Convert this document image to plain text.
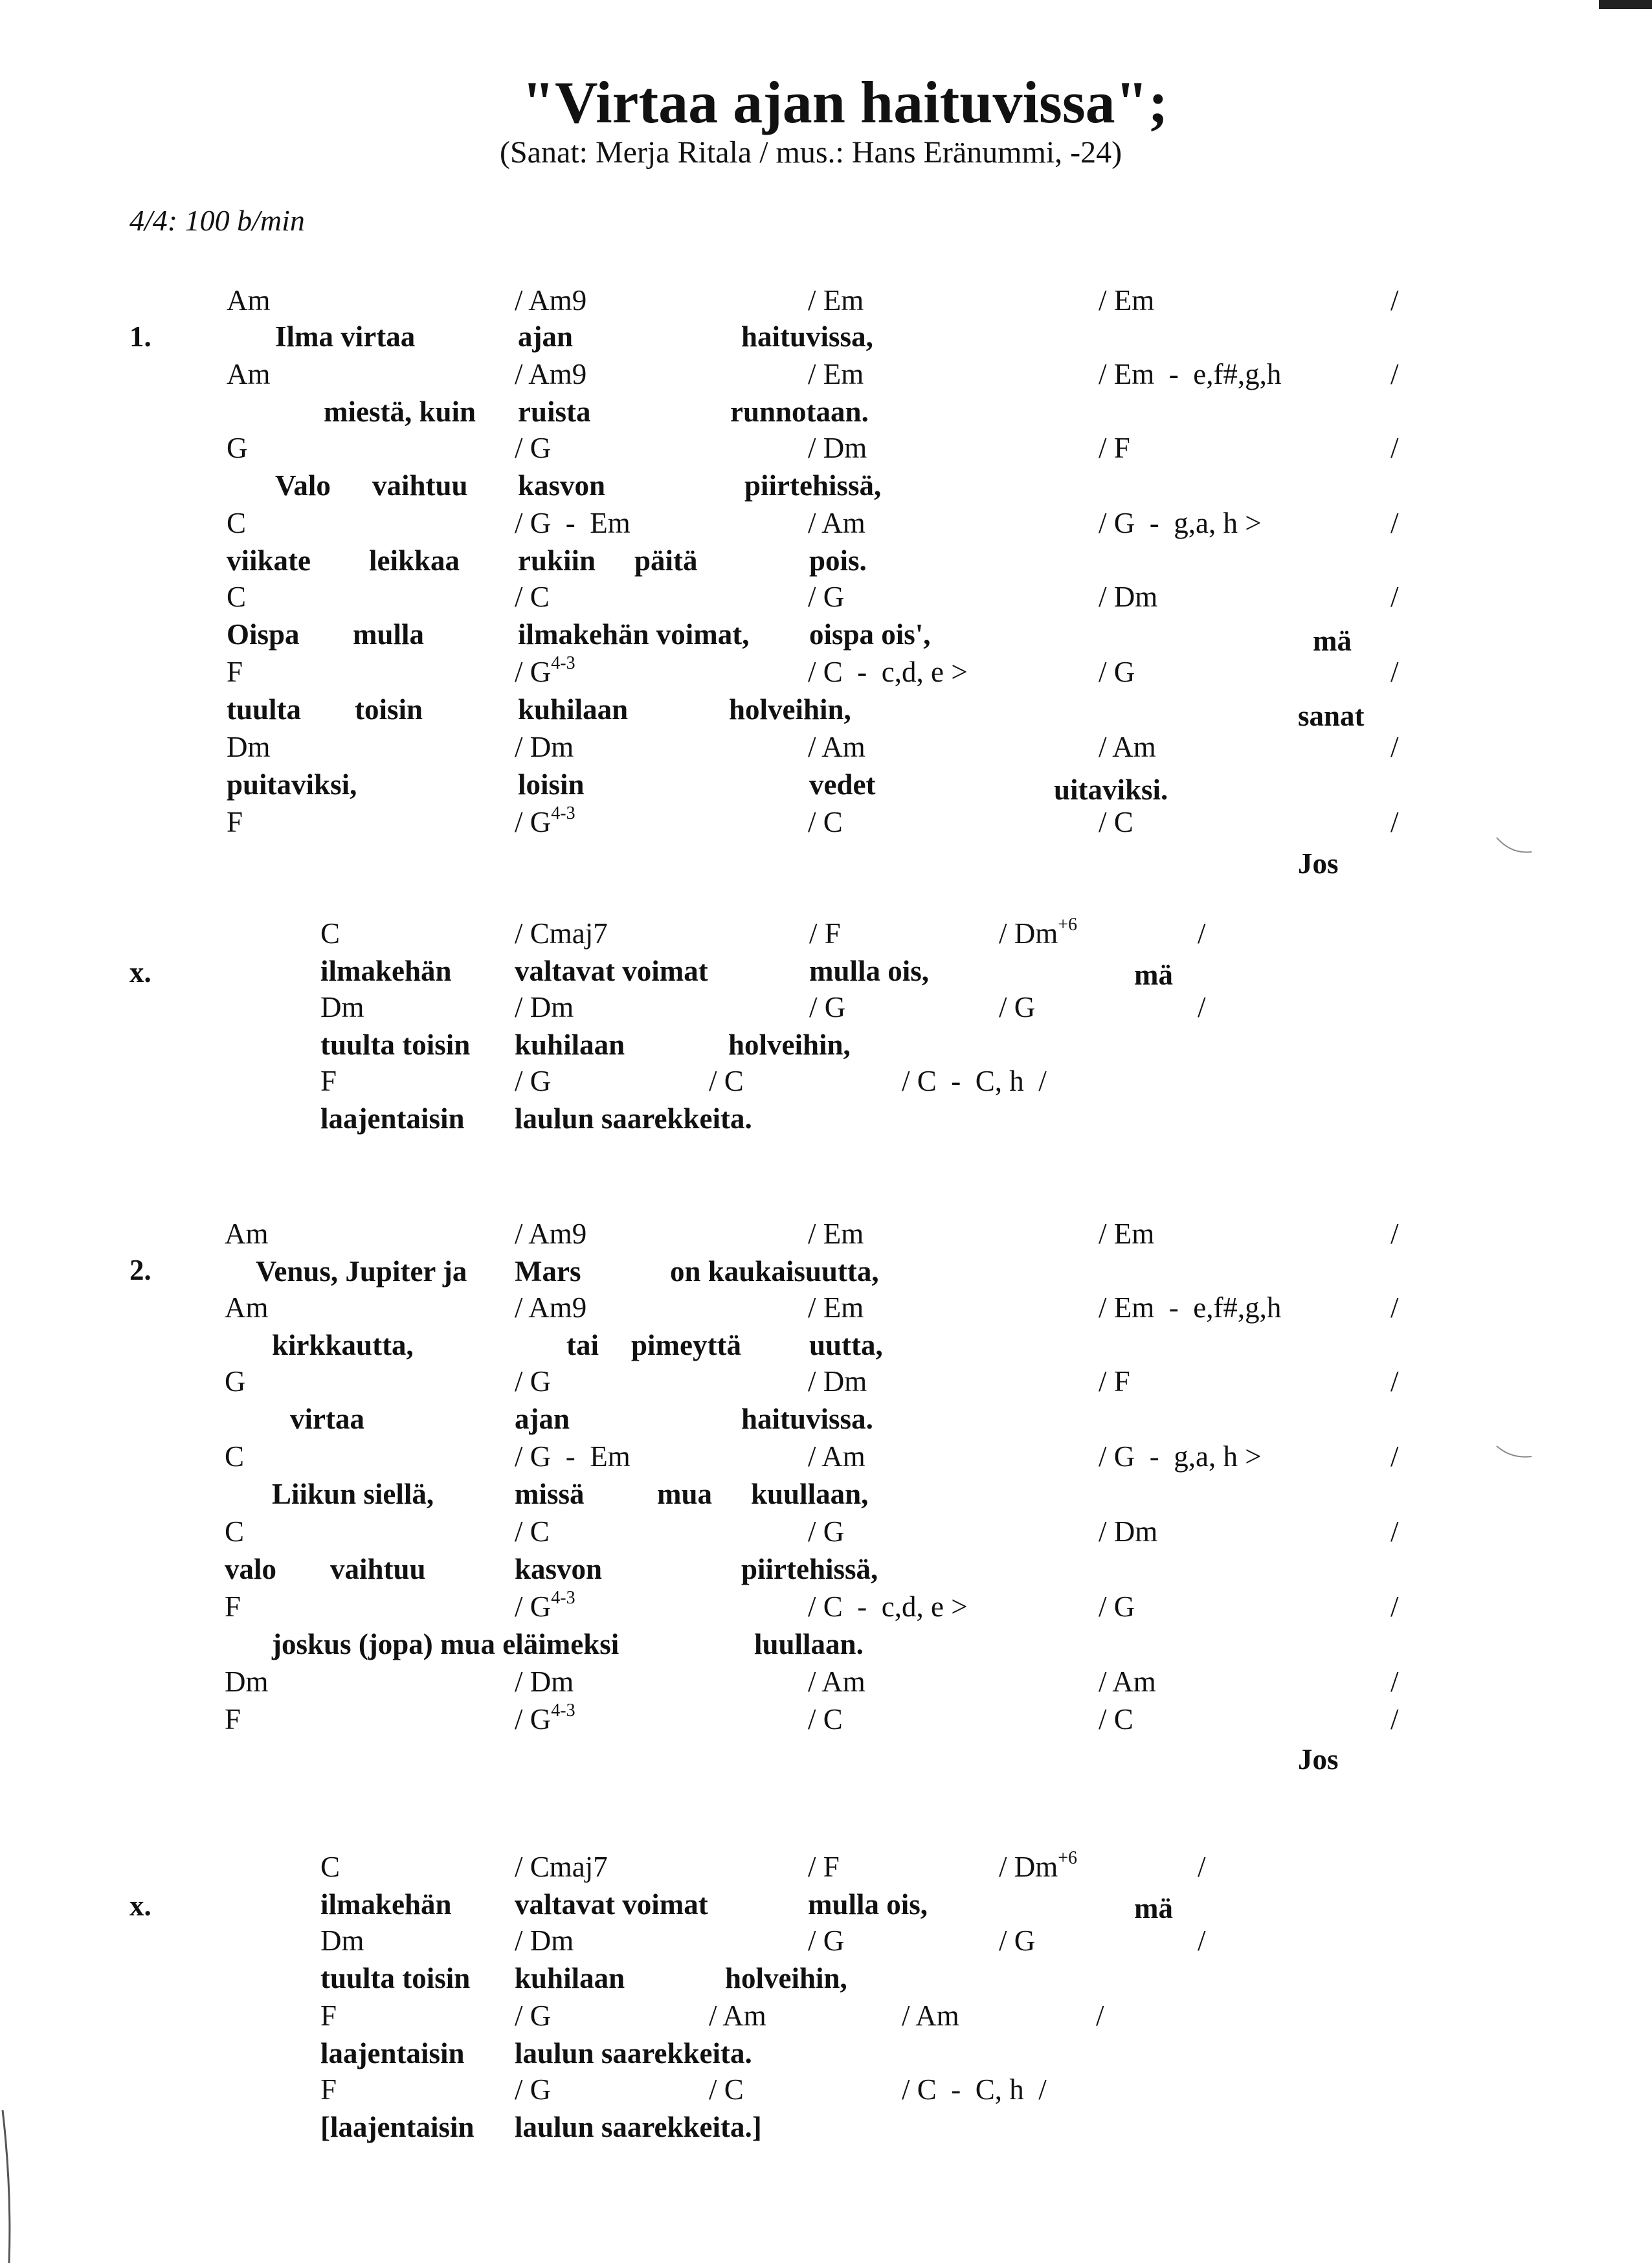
"Virtaa ajan haituvissa";
(Sanat: Merja Ritala / mus.: Hans Eränummi, -24)
4/4: 100 b/min
1.
Am	/ Am9	/ Em	/ Em	/
Ilma virtaa	ajan	haituvissa,
Am	/ Am9	/ Em	/ Em  -  e,f#,g,h	/
miestä, kuin ruista	runnotaan.
G	/ G	/ Dm	/ F	/
Valo vaihtuu kasvon	piirtehissä,
C	/ G  -  Em	/ Am	/ G  -  g,a, h >	/
viikate leikkaa rukiin päitä	pois.
C	/ C	/ G	/ Dm	/
Oispa mulla	ilmakehän voimat, oispa ois',	mä
F	/ $G^{4-3}$	/ C  -  c,d, e >	/ G	/
tuulta toisin	kuhilaan	holveihin,	sanat
Dm	/ Dm	/ Am	/ Am	/
puitaviksi,	loisin	vedet	uitaviksi.
F	/ $G^{4-3}$	/ C	/ C	/
Jos
x.
C	/ Cmaj7	/ F	/ $Dm^{+6}$	/
ilmakehän valtavat voimat	mulla ois,	mä
Dm	/ Dm	/ G	/ G	/
tuulta toisin kuhilaan	holveihin,
F	/ G	/ C	/ C  -  C, h  /
laajentaisin laulun saarekkeita.
2.
Am	/ Am9	/ Em	/ Em	/
Venus, Jupiter ja Mars	on kaukaisuutta,
Am	/ Am9	/ Em	/ Em  -  e,f#,g,h	/
kirkkautta,	tai pimeyttä uutta,
G	/ G	/ Dm	/ F	/
virtaa	ajan	haituvissa.
C	/ G  -  Em	/ Am	/ G  -  g,a, h >	/
Liikun siellä,	missä mua kuullaan,
C	/ C	/ G	/ Dm	/
valo vaihtuu	kasvon	piirtehissä,
F	/ $G^{4-3}$	/ C  -  c,d, e >	/ G	/
joskus (jopa) mua eläimeksi	luullaan.
Dm	/ Dm	/ Am	/ Am	/
F	/ $G^{4-3}$	/ C	/ C	/
Jos
x.
C	/ Cmaj7	/ F	/ $Dm^{+6}$	/
ilmakehän valtavat voimat	mulla ois,	mä
Dm	/ Dm	/ G	/ G	/
tuulta toisin kuhilaan	holveihin,
F	/ G	/ Am	/ Am	/
laajentaisin laulun saarekkeita.
F	/ G	/ C	/ C  -  C, h  /
[laajentaisin laulun saarekkeita.]
